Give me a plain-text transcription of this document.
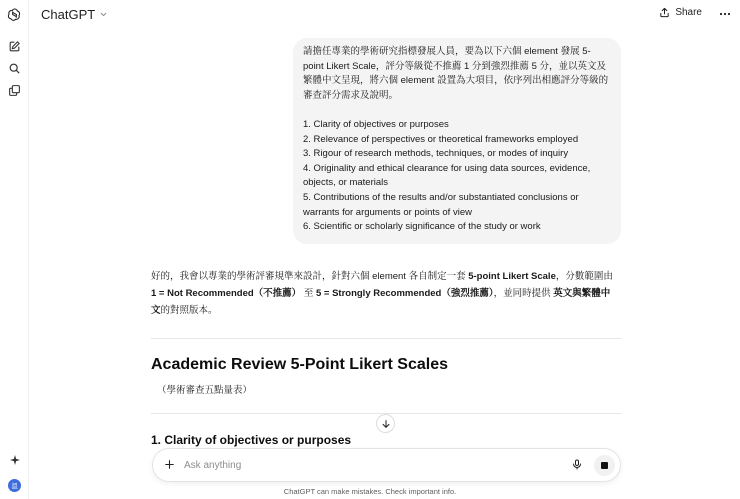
溫
ChatGPT	Share
請擔任專業的學術研究指標發展人員，要為以下六個 element 發展 5-
point Likert Scale，評分等級從不推薦 1 分到強烈推薦 5 分，並以英文及
繁體中文呈現，將六個 element 設置為大項目，依序列出相應評分等級的
審查評分需求及說明。

1. Clarity of objectives or purposes
2. Relevance of perspectives or theoretical frameworks employed
3. Rigour of research methods, techniques, or modes of inquiry
4. Originality and ethical clearance for using data sources, evidence,
objects, or materials
5. Contributions of the results and/or substantiated conclusions or
warrants for arguments or points of view
6. Scientific or scholarly significance of the study or work
好的，我會以專業的學術評審規準來設計，針對六個 element 各自制定一套 5-point Likert Scale，分數範圍由
1 = Not Recommended（不推薦） 至 5 = Strongly Recommended（強烈推薦），並同時提供 英文與繁體中
文的對照版本。
Academic Review 5-Point Likert Scales
（學術審查五點量表）
1. Clarity of objectives or purposes
Ask anything
ChatGPT can make mistakes. Check important info.
